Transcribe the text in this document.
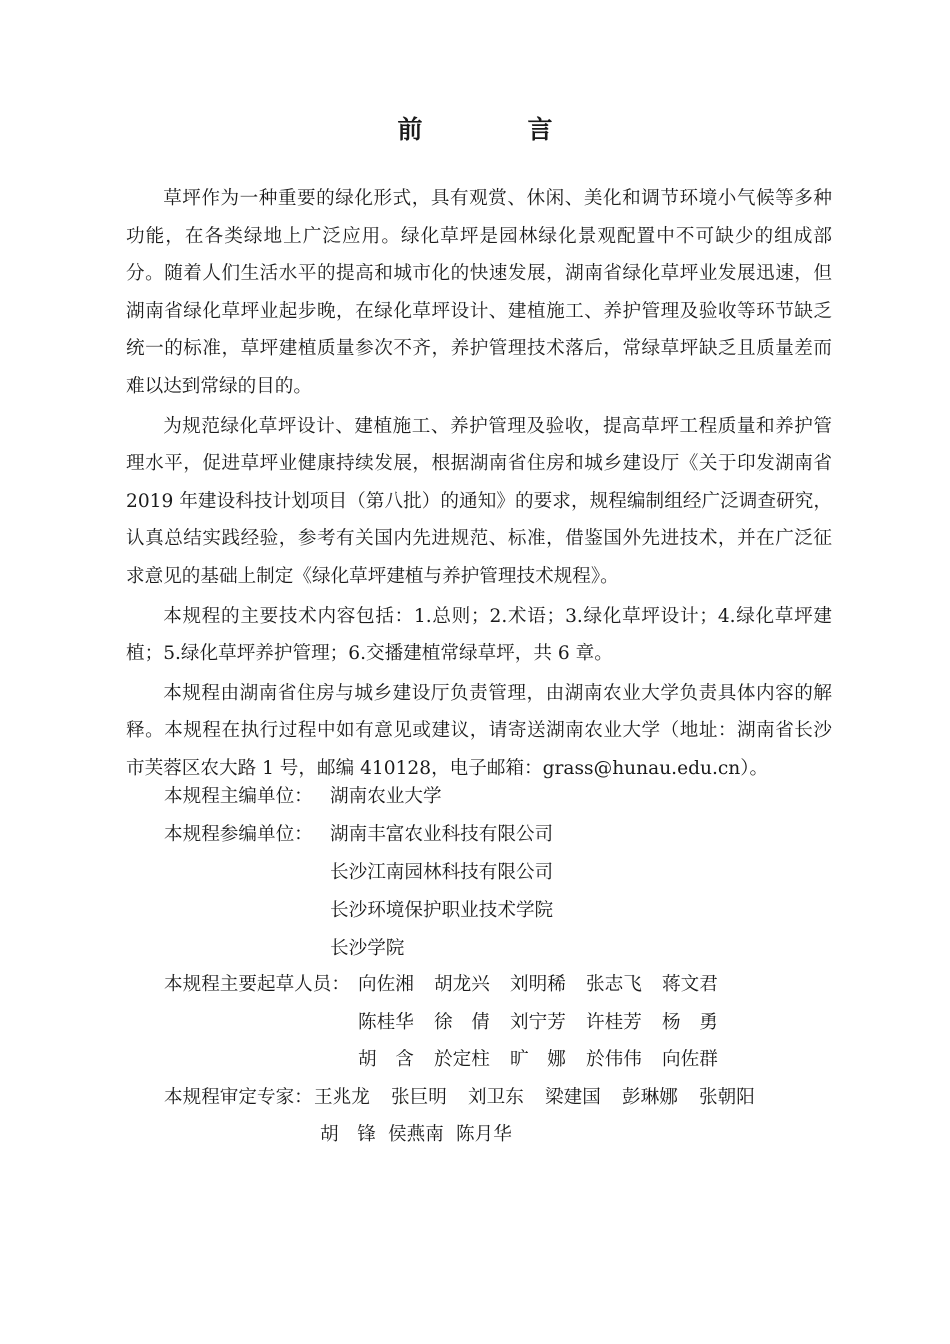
前　言

草坪作为一种重要的绿化形式，具有观赏、休闲、美化和调节环境小气候等多种功能，在各类绿地上广泛应用。绿化草坪是园林绿化景观配置中不可缺少的组成部分。随着人们生活水平的提高和城市化的快速发展，湖南省绿化草坪业发展迅速，但湖南省绿化草坪业起步晚，在绿化草坪设计、建植施工、养护管理及验收等环节缺乏统一的标准，草坪建植质量参次不齐，养护管理技术落后，常绿草坪缺乏且质量差而难以达到常绿的目的。

为规范绿化草坪设计、建植施工、养护管理及验收，提高草坪工程质量和养护管理水平，促进草坪业健康持续发展，根据湖南省住房和城乡建设厅《关于印发湖南省 2019 年建设科技计划项目（第八批）的通知》的要求，规程编制组经广泛调查研究，认真总结实践经验，参考有关国内先进规范、标准，借鉴国外先进技术，并在广泛征求意见的基础上制定《绿化草坪建植与养护管理技术规程》。

本规程的主要技术内容包括：1.总则；2.术语；3.绿化草坪设计；4.绿化草坪建植；5.绿化草坪养护管理；6.交播建植常绿草坪，共 6 章。

本规程由湖南省住房与城乡建设厅负责管理，由湖南农业大学负责具体内容的解释。本规程在执行过程中如有意见或建议，请寄送湖南农业大学（地址：湖南省长沙市芙蓉区农大路 1 号，邮编 410128，电子邮箱：grass@hunau.edu.cn）。

本规程主编单位： 湖南农业大学
本规程参编单位： 湖南丰富农业科技有限公司
长沙江南园林科技有限公司
长沙环境保护职业技术学院
长沙学院
本规程主要起草人员： 向佐湘	胡龙兴	刘明稀	张志飞	蒋文君
陈桂华	徐　倩	刘宁芳	许桂芳	杨　勇
胡　含	於定柱	旷　娜	於伟伟	向佐群
本规程审定专家： 王兆龙 张巨明 刘卫东 梁建国 彭琳娜 张朝阳
胡　锋 侯燕南 陈月华
